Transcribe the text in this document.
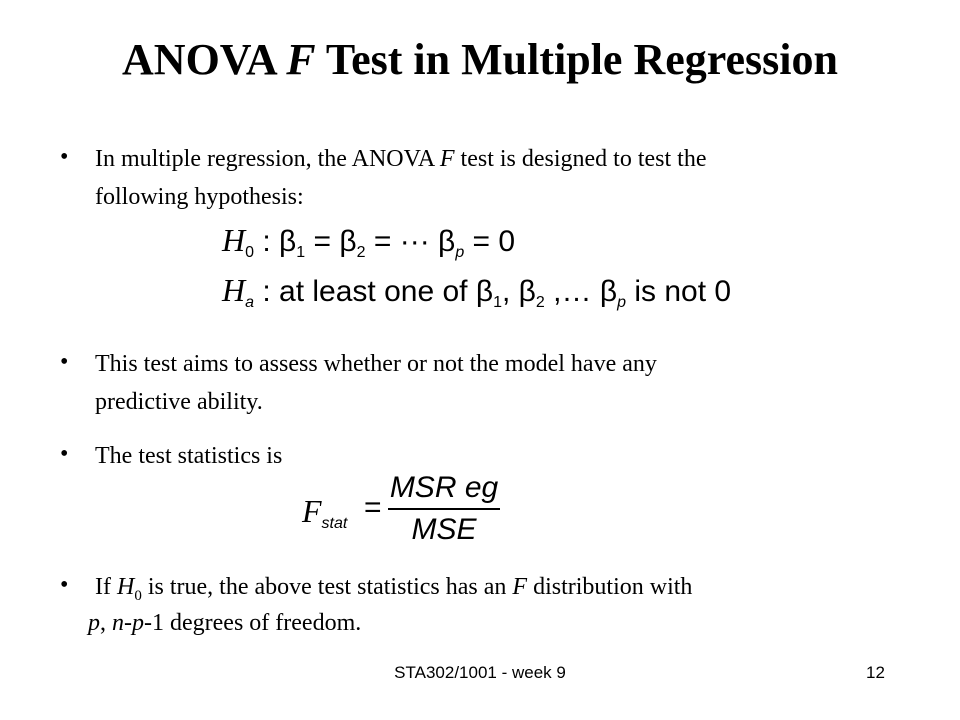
ANOVA F Test in Multiple Regression
• In multiple regression, the ANOVA F test is designed to test the
following hypothesis:
$H_0$ : $\beta_1 = \beta_2$ = ··· $\beta_p = 0$
$H_a$ : at least one of $\beta_1$, $\beta_2$ ,… $\beta_p$ is not 0
• This test aims to assess whether or not the model have any
predictive ability.
• The test statistics is
$F_{stat}$ =
MSR eg
MSE
• If $H_0$ is true, the above test statistics has an F distribution with
p, n-p-1 degrees of freedom.
STA302/1001 - week 9	12
